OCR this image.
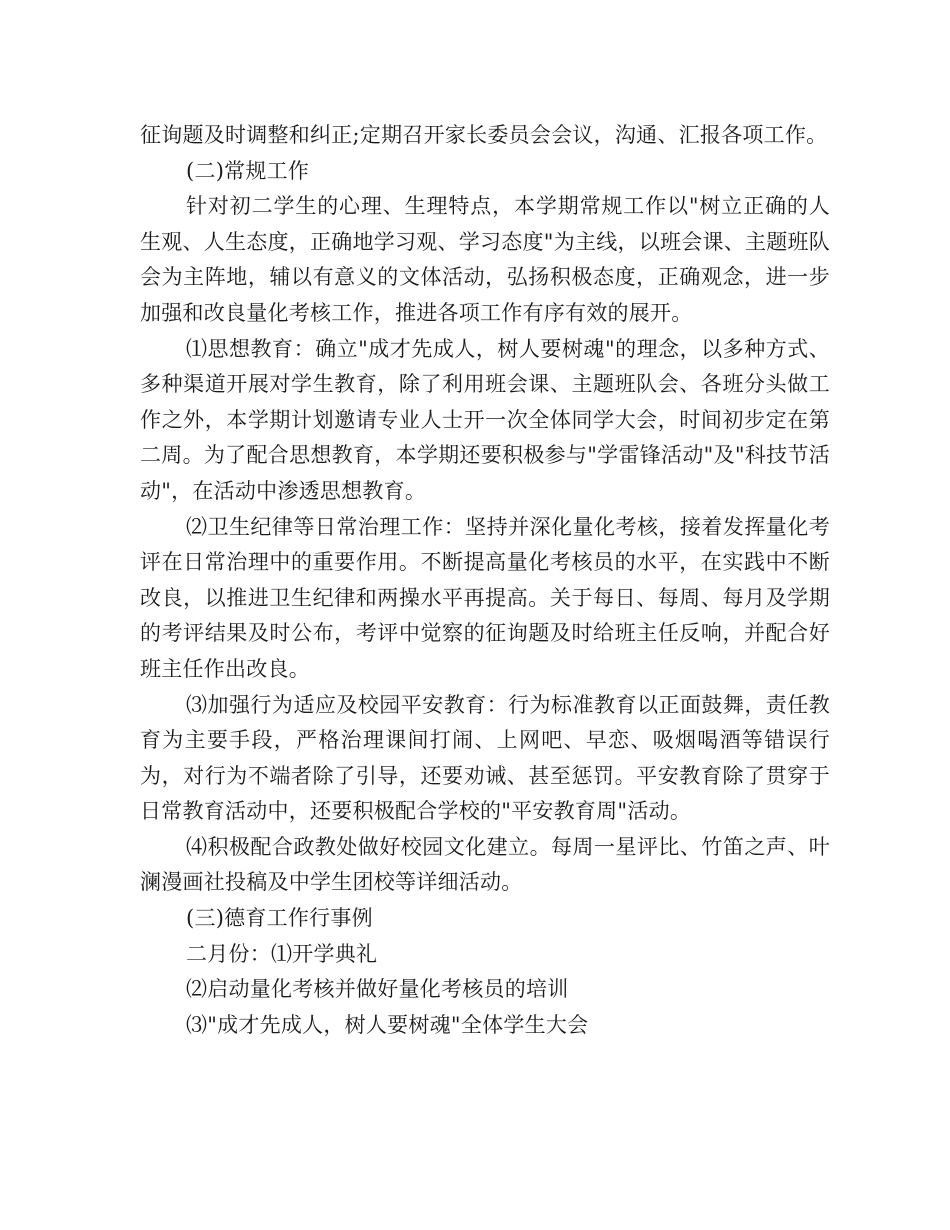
征询题及时调整和纠正;定期召开家长委员会会议，沟通、汇报各项工作。

(二)常规工作

针对初二学生的心理、生理特点，本学期常规工作以"树立正确的人生观、人生态度，正确地学习观、学习态度"为主线，以班会课、主题班队会为主阵地，辅以有意义的文体活动，弘扬积极态度，正确观念，进一步加强和改良量化考核工作，推进各项工作有序有效的展开。

⑴思想教育：确立"成才先成人，树人要树魂"的理念，以多种方式、多种渠道开展对学生教育，除了利用班会课、主题班队会、各班分头做工作之外，本学期计划邀请专业人士开一次全体同学大会，时间初步定在第二周。为了配合思想教育，本学期还要积极参与"学雷锋活动"及"科技节活动"，在活动中渗透思想教育。

⑵卫生纪律等日常治理工作：坚持并深化量化考核，接着发挥量化考评在日常治理中的重要作用。不断提高量化考核员的水平，在实践中不断改良，以推进卫生纪律和两操水平再提高。关于每日、每周、每月及学期的考评结果及时公布，考评中觉察的征询题及时给班主任反响，并配合好班主任作出改良。

⑶加强行为适应及校园平安教育：行为标准教育以正面鼓舞，责任教育为主要手段，严格治理课间打闹、上网吧、早恋、吸烟喝酒等错误行为，对行为不端者除了引导，还要劝诫、甚至惩罚。平安教育除了贯穿于日常教育活动中，还要积极配合学校的"平安教育周"活动。

⑷积极配合政教处做好校园文化建立。每周一星评比、竹笛之声、叶澜漫画社投稿及中学生团校等详细活动。

(三)德育工作行事例

二月份：⑴开学典礼

⑵启动量化考核并做好量化考核员的培训

⑶"成才先成人，树人要树魂"全体学生大会
